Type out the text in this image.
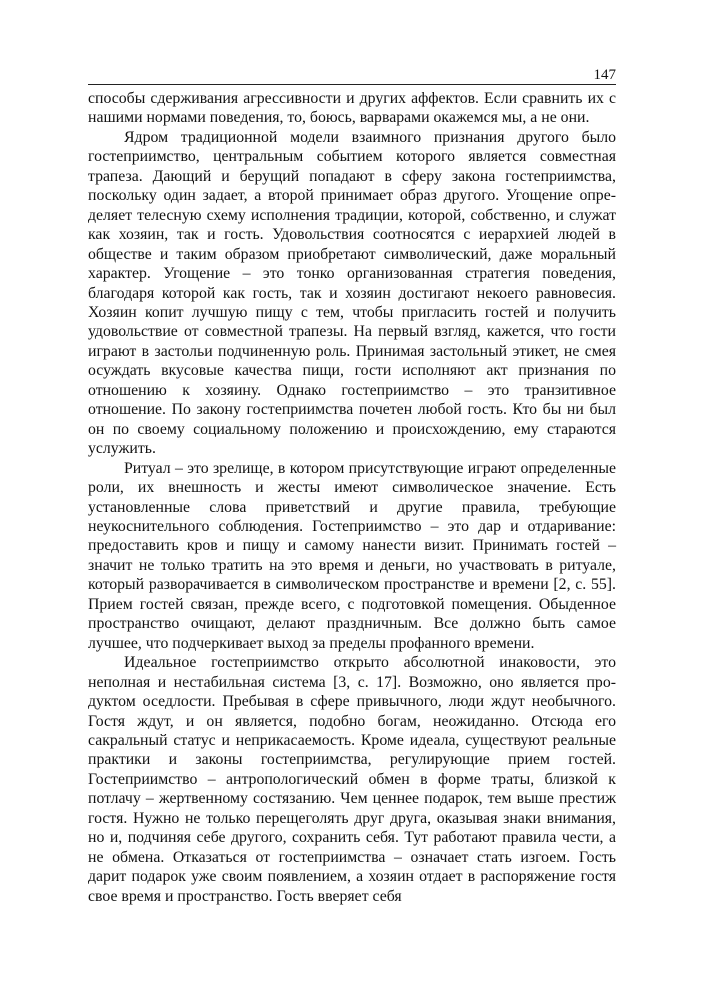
147

способы сдерживания агрессивности и других аффектов. Если сравнить их с нашими нормами поведения, то, боюсь, варварами окажемся мы, а не они.

Ядром традиционной модели взаимного признания другого было гостеприимство, центральным событием которого является совместная трапеза. Дающий и берущий попадают в сферу закона гостеприимства, поскольку один задает, а второй принимает образ другого. Угощение определяет телесную схему исполнения традиции, которой, собственно, и служат как хозяин, так и гость. Удовольствия соотносятся с иерархией людей в обществе и таким образом приобретают символический, даже моральный характер. Угощение – это тонко организованная стратегия поведения, благодаря которой как гость, так и хозяин достигают некоего равновесия. Хозяин копит лучшую пищу с тем, чтобы пригласить гостей и получить удовольствие от совместной трапезы. На первый взгляд, кажется, что гости играют в застольи подчиненную роль. Принимая застольный этикет, не смея осуждать вкусовые качества пищи, гости исполняют акт признания по отношению к хозяину. Однако гостеприимство – это транзитивное отношение. По закону гостеприимства почетен любой гость. Кто бы ни был он по своему социальному положению и происхождению, ему стараются услужить.

Ритуал – это зрелище, в котором присутствующие играют определенные роли, их внешность и жесты имеют символическое значение. Есть установленные слова приветствий и другие правила, требующие неукоснительного соблюдения. Гостеприимство – это дар и отдаривание: предоставить кров и пищу и самому нанести визит. Принимать гостей – значит не только тратить на это время и деньги, но участвовать в ритуале, который разворачивается в символическом пространстве и времени [2, с. 55]. Прием гостей связан, прежде всего, с подготовкой помещения. Обыденное пространство очищают, делают праздничным. Все должно быть самое лучшее, что подчеркивает выход за пределы профанного времени.

Идеальное гостеприимство открыто абсолютной инаковости, это неполная и нестабильная система [3, с. 17]. Возможно, оно является продуктом оседлости. Пребывая в сфере привычного, люди ждут необычного. Гостя ждут, и он является, подобно богам, неожиданно. Отсюда его сакральный статус и неприкасаемость. Кроме идеала, существуют реальные практики и законы гостеприимства, регулирующие прием гостей. Гостеприимство – антропологический обмен в форме траты, близкой к потлачу – жертвенному состязанию. Чем ценнее подарок, тем выше престиж гостя. Нужно не только перещеголять друг друга, оказывая знаки внимания, но и, подчиняя себе другого, сохранить себя. Тут работают правила чести, а не обмена. Отказаться от гостеприимства – означает стать изгоем. Гость дарит подарок уже своим появлением, а хозяин отдает в распоряжение гостя свое время и пространство. Гость вверяет себя
